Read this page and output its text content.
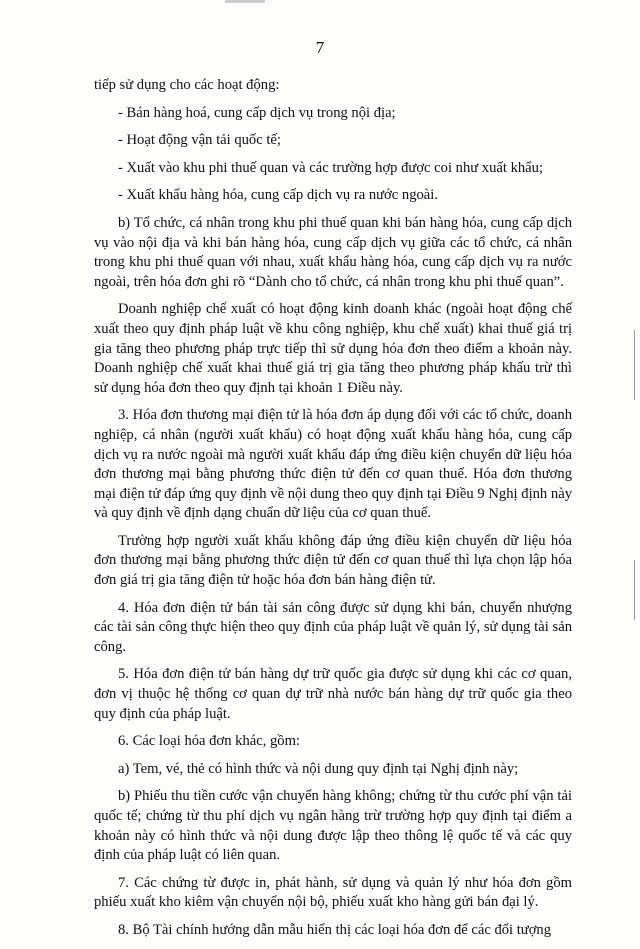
7

tiếp sử dụng cho các hoạt động:

- Bán hàng hoá, cung cấp dịch vụ trong nội địa;

- Hoạt động vận tải quốc tế;

- Xuất vào khu phi thuế quan và các trường hợp được coi như xuất khẩu;

- Xuất khẩu hàng hóa, cung cấp dịch vụ ra nước ngoài.

b) Tổ chức, cá nhân trong khu phi thuế quan khi bán hàng hóa, cung cấp dịch vụ vào nội địa và khi bán hàng hóa, cung cấp dịch vụ giữa các tổ chức, cá nhân trong khu phi thuế quan với nhau, xuất khẩu hàng hóa, cung cấp dịch vụ ra nước ngoài, trên hóa đơn ghi rõ “Dành cho tổ chức, cá nhân trong khu phi thuế quan”.

Doanh nghiệp chế xuất có hoạt động kinh doanh khác (ngoài hoạt động chế xuất theo quy định pháp luật về khu công nghiệp, khu chế xuất) khai thuế giá trị gia tăng theo phương pháp trực tiếp thì sử dụng hóa đơn theo điểm a khoản này. Doanh nghiệp chế xuất khai thuế giá trị gia tăng theo phương pháp khấu trừ thì sử dụng hóa đơn theo quy định tại khoản 1 Điều này.

3. Hóa đơn thương mại điện tử là hóa đơn áp dụng đối với các tổ chức, doanh nghiệp, cá nhân (người xuất khẩu) có hoạt động xuất khẩu hàng hóa, cung cấp dịch vụ ra nước ngoài mà người xuất khẩu đáp ứng điều kiện chuyển dữ liệu hóa đơn thương mại bằng phương thức điện tử đến cơ quan thuế. Hóa đơn thương mại điện tử đáp ứng quy định về nội dung theo quy định tại Điều 9 Nghị định này và quy định về định dạng chuẩn dữ liệu của cơ quan thuế.

Trường hợp người xuất khẩu không đáp ứng điều kiện chuyển dữ liệu hóa đơn thương mại bằng phương thức điện tử đến cơ quan thuế thì lựa chọn lập hóa đơn giá trị gia tăng điện tử hoặc hóa đơn bán hàng điện tử.

4. Hóa đơn điện tử bán tài sản công được sử dụng khi bán, chuyển nhượng các tài sản công thực hiện theo quy định của pháp luật về quản lý, sử dụng tài sản công.

5. Hóa đơn điện tử bán hàng dự trữ quốc gia được sử dụng khi các cơ quan, đơn vị thuộc hệ thống cơ quan dự trữ nhà nước bán hàng dự trữ quốc gia theo quy định của pháp luật.

6. Các loại hóa đơn khác, gồm:

a) Tem, vé, thẻ có hình thức và nội dung quy định tại Nghị định này;

b) Phiếu thu tiền cước vận chuyển hàng không; chứng từ thu cước phí vận tải quốc tế; chứng từ thu phí dịch vụ ngân hàng trừ trường hợp quy định tại điểm a khoản này có hình thức và nội dung được lập theo thông lệ quốc tế và các quy định của pháp luật có liên quan.

7. Các chứng từ được in, phát hành, sử dụng và quản lý như hóa đơn gồm phiếu xuất kho kiêm vận chuyển nội bộ, phiếu xuất kho hàng gửi bán đại lý.

8. Bộ Tài chính hướng dẫn mẫu hiển thị các loại hóa đơn để các đối tượng
